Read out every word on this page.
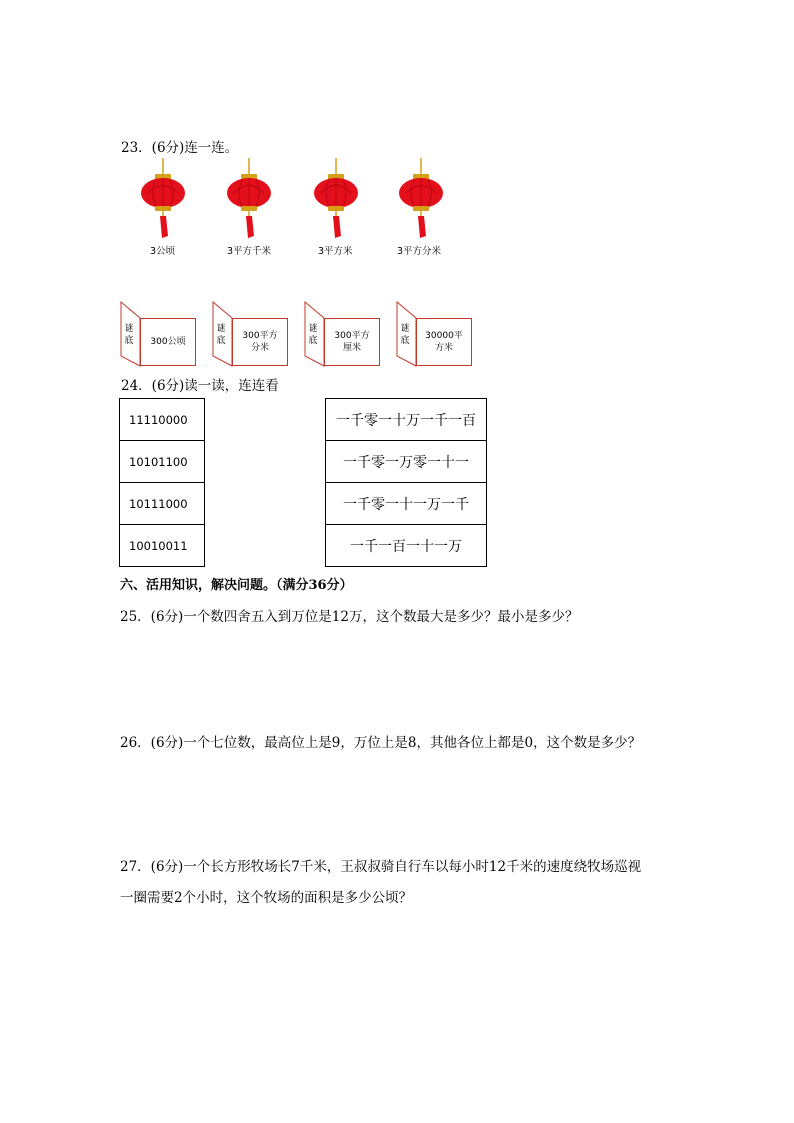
23．(6分)连一连。
3公顷	3平方千米	3平方米	3平方分米
谜
底 300公顷

谜
底 300平方
分米
谜
底 300平方
厘米
谜
底 30000平
方米
24．(6分)读一读，连连看
11110000
10101100
10111000
10010011
一千零一十万一千一百
一千零一万零一十一
一千零一十一万一千
一千一百一十一万
六、活用知识，解决问题。（满分36分）
25．(6分)一个数四舍五入到万位是12万，这个数最大是多少？最小是多少？
26．(6分)一个七位数，最高位上是9，万位上是8，其他各位上都是0，这个数是多少？
27．(6分)一个长方形牧场长7千米，王叔叔骑自行车以每小时12千米的速度绕牧场巡视
一圈需要2个小时，这个牧场的面积是多少公顷？
